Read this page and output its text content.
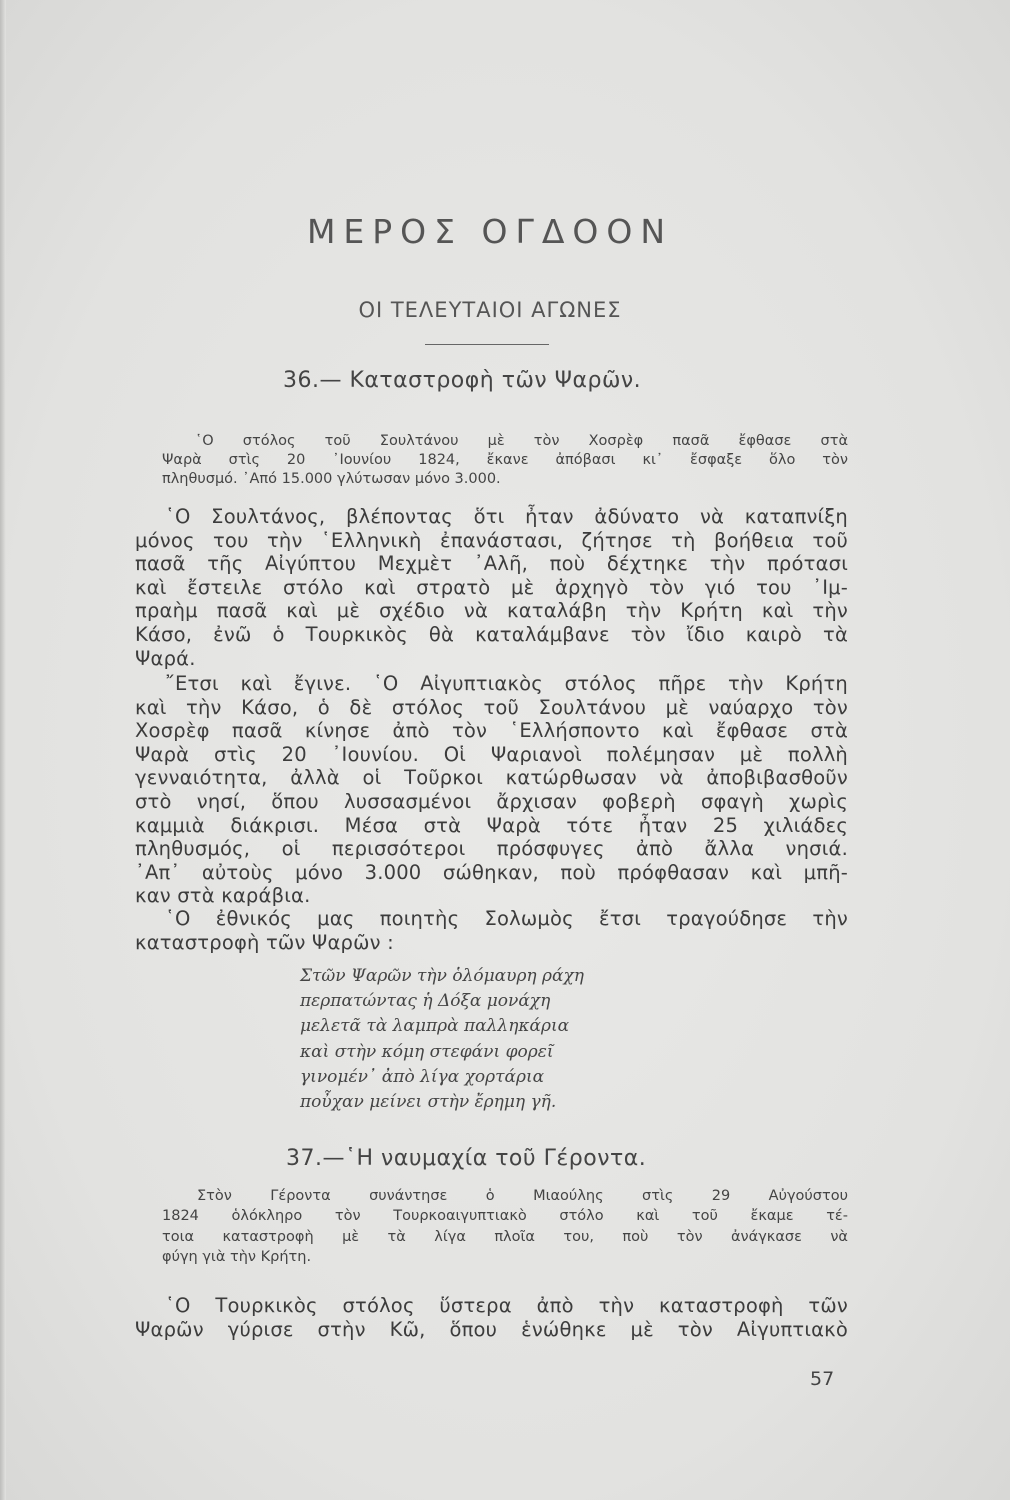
ΜΕΡΟΣ ΟΓΔΟΟΝ
ΟΙ ΤΕΛΕΥΤΑΙΟΙ ΑΓΩΝΕΣ
36.— Καταστροφὴ τῶν Ψαρῶν.
῾Ο στόλος τοῦ Σουλτάνου μὲ τὸν Χοσρὲφ πασᾶ ἔφθασε στὰ
Ψαρὰ στὶς 20 ᾽Ιουνίου 1824, ἔκανε ἀπόβασι κι᾽ ἔσφαξε ὅλο τὸν
πληθυσμό. ᾽Από 15.000 γλύτωσαν μόνο 3.000.
῾Ο Σουλτάνος, βλέποντας ὅτι ἦταν ἀδύνατο νὰ καταπνίξη
μόνος του τὴν ῾Ελληνικὴ ἐπανάστασι, ζήτησε τὴ βοήθεια τοῦ
πασᾶ τῆς Αἰγύπτου Μεχμὲτ ᾽Αλῆ, ποὺ δέχτηκε τὴν πρότασι
καὶ ἔστειλε στόλο καὶ στρατὸ μὲ ἀρχηγὸ τὸν γιό του ᾽Ιμ-
πραὴμ πασᾶ καὶ μὲ σχέδιο νὰ καταλάβη τὴν Κρήτη καὶ τὴν
Κάσο, ἐνῶ ὁ Τουρκικὸς θὰ καταλάμβανε τὸν ἴδιο καιρὸ τὰ
Ψαρά.
῎Ετσι καὶ ἔγινε. ῾Ο Αἰγυπτιακὸς στόλος πῆρε τὴν Κρήτη
καὶ τὴν Κάσο, ὁ δὲ στόλος τοῦ Σουλτάνου μὲ ναύαρχο τὸν
Χοσρὲφ πασᾶ κίνησε ἀπὸ τὸν ῾Ελλήσποντο καὶ ἔφθασε στὰ
Ψαρὰ στὶς 20 ᾽Ιουνίου. Οἱ Ψαριανοὶ πολέμησαν μὲ πολλὴ
γενναιότητα, ἀλλὰ οἱ Τοῦρκοι κατώρθωσαν νὰ ἀποβιβασθοῦν
στὸ νησί, ὅπου λυσσασμένοι ἄρχισαν φοβερὴ σφαγὴ χωρὶς
καμμιὰ διάκρισι. Μέσα στὰ Ψαρὰ τότε ἦταν 25 χιλιάδες
πληθυσμός, οἱ περισσότεροι πρόσφυγες ἀπὸ ἄλλα νησιά.
᾽Απ᾽ αὐτοὺς μόνο 3.000 σώθηκαν, ποὺ πρόφθασαν καὶ μπῆ-
καν στὰ καράβια.
῾Ο ἐθνικός μας ποιητὴς Σολωμὸς ἔτσι τραγούδησε τὴν
καταστροφὴ τῶν Ψαρῶν :
Στῶν Ψαρῶν τὴν ὁλόμαυρη ράχη
περπατώντας ἡ Δόξα μονάχη
μελετᾶ τὰ λαμπρὰ παλληκάρια
καὶ στὴν κόμη στεφάνι φορεῖ
γινομέν᾽ ἀπὸ λίγα χορτάρια
ποὖχαν μείνει στὴν ἔρημη γῆ.
37.—῾Η ναυμαχία τοῦ Γέροντα.
Στὸν Γέροντα συνάντησε ὁ Μιαούλης στὶς 29 Αὐγούστου
1824 ὁλόκληρο τὸν Τουρκοαιγυπτιακὸ στόλο καὶ τοῦ ἔκαμε τέ-
τοια καταστροφὴ μὲ τὰ λίγα πλοῖα του, ποὺ τὸν ἀνάγκασε νὰ
φύγη γιὰ τὴν Κρήτη.
῾Ο Τουρκικὸς στόλος ὕστερα ἀπὸ τὴν καταστροφὴ τῶν
Ψαρῶν γύρισε στὴν Κῶ, ὅπου ἑνώθηκε μὲ τὸν Αἰγυπτιακὸ
57
